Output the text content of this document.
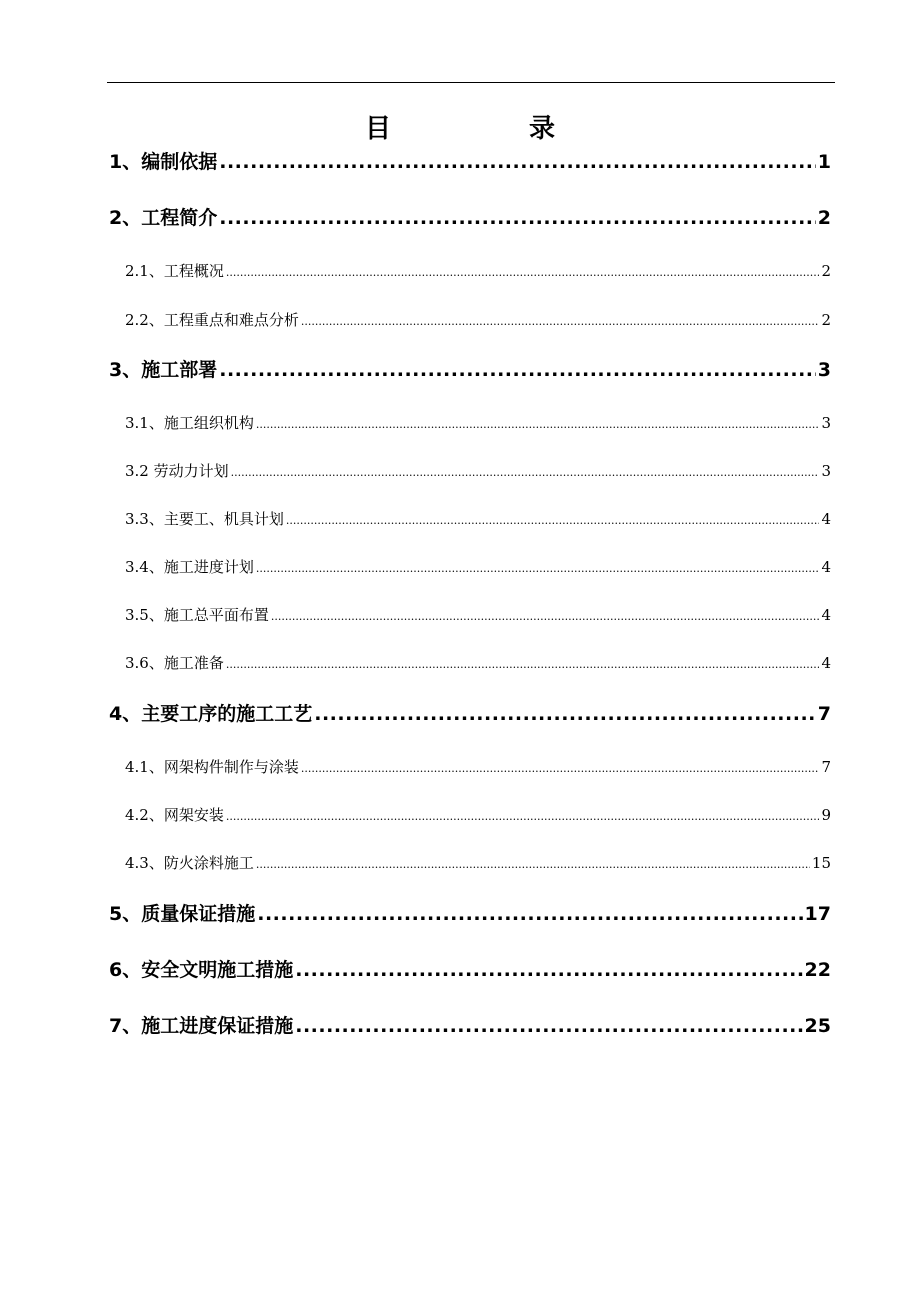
目　录
1、编制依据 .....	1
2、工程简介 .....	2
2.1、工程概况 .....	2
2.2、工程重点和难点分析 .....	2
3、施工部署 .....	3
3.1、施工组织机构 .....	3
3.2 劳动力计划 .....	3
3.3、主要工、机具计划 .....	4
3.4、施工进度计划 .....	4
3.5、施工总平面布置 .....	4
3.6、施工准备 .....	4
4、主要工序的施工工艺 .....	7
4.1、网架构件制作与涂装 .....	7
4.2、网架安装 .....	9
4.3、防火涂料施工 .....	15
5、质量保证措施 .....	17
6、安全文明施工措施 .....	22
7、施工进度保证措施 .....	25
